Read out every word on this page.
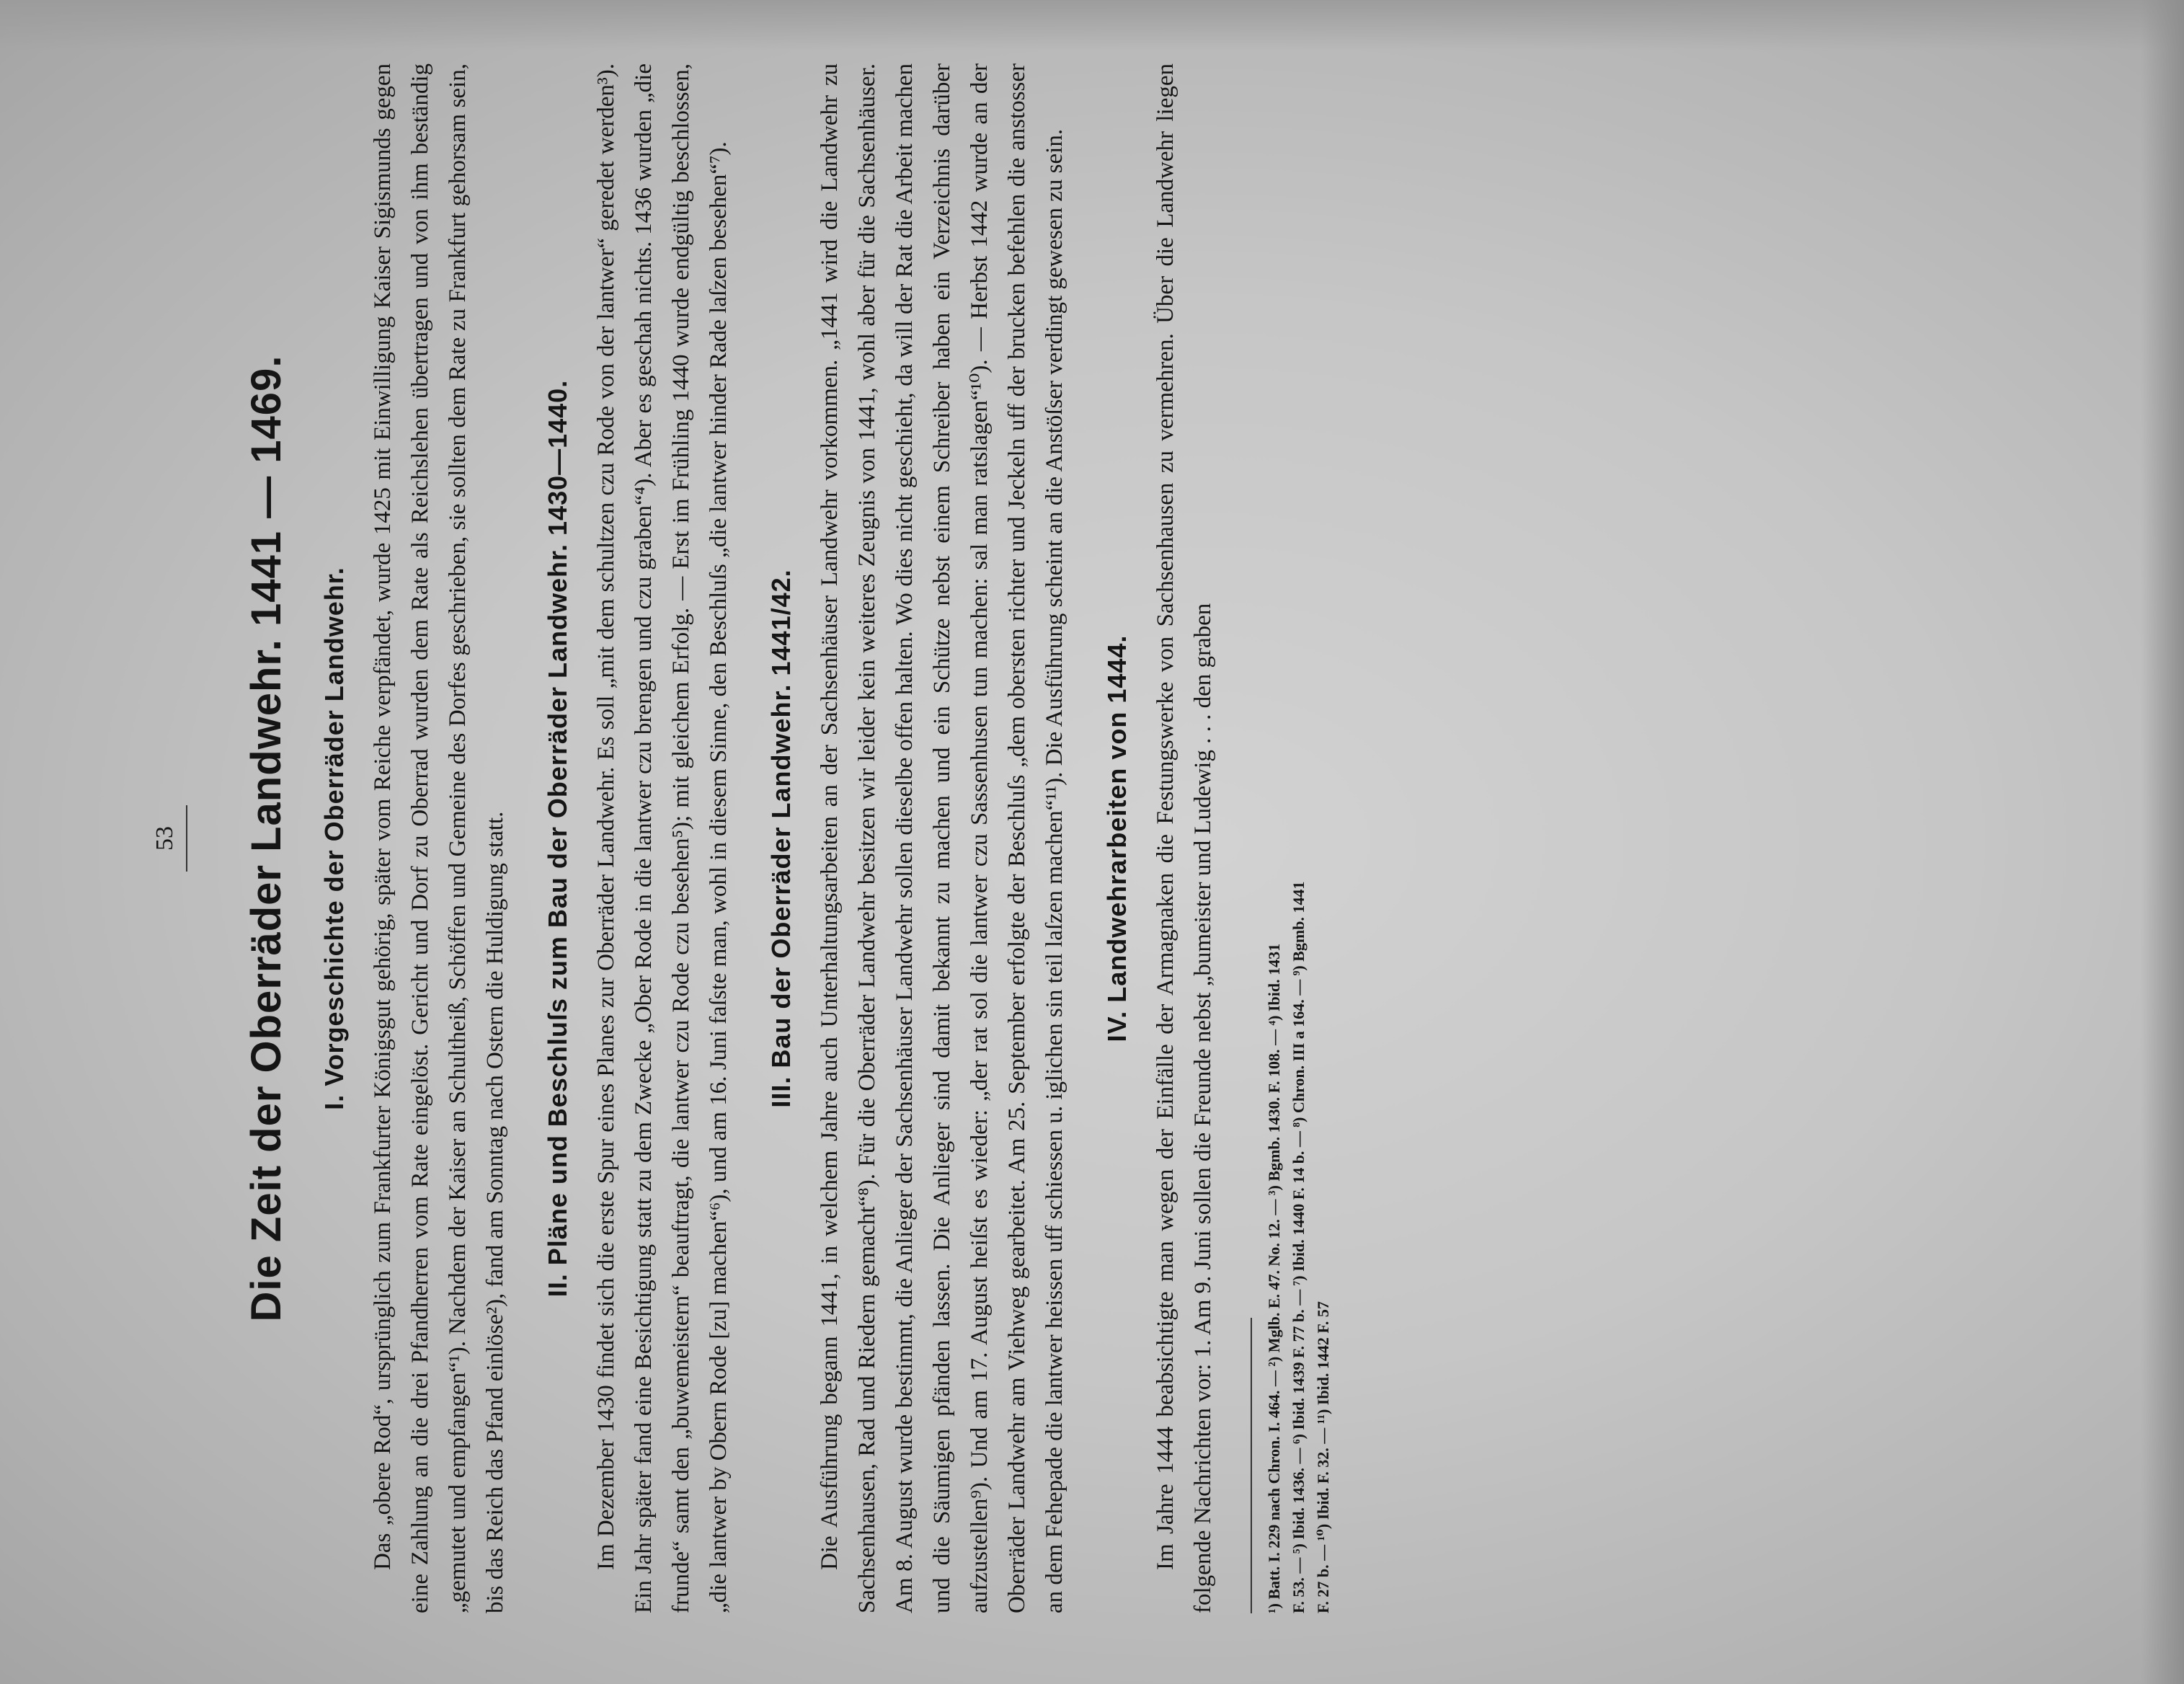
53 Die Zeit der Oberräder Landwehr. 1441 — 1469. I. Vorgeschichte der Oberräder Landwehr. Das „obere Rod“, ursprünglich zum Frankfurter Königsgut gehörig, später vom Reiche verpfändet, wurde 1425 mit Einwilligung Kaiser Sigismunds gegen eine Zahlung an die drei Pfandherren vom Rate eingelöst. Gericht und Dorf zu Oberrad wurden dem Rate als Reichslehen übertragen und von ihm beständig „gemutet und empfangen“¹). Nachdem der Kaiser an Schultheiß, Schöffen und Gemeine des Dorfes geschrieben, sie sollten dem Rate zu Frankfurt gehorsam sein, bis das Reich das Pfand einlöse²), fand am Sonntag nach Ostern die Huldigung statt. II. Pläne und Beschluſs zum Bau der Oberräder Landwehr. 1430—1440. Im Dezember 1430 findet sich die erste Spur eines Planes zur Oberräder Landwehr. Es soll „mit dem schultzen czu Rode von der lantwer“ geredet werden³). Ein Jahr später fand eine Besichtigung statt zu dem Zwecke „Ober Rode in die lantwer czu brengen und czu graben“⁴). Aber es geschah nichts. 1436 wurden „die frunde“ samt den „buwemeistern“ beauftragt, die lantwer czu Rode czu besehen⁵); mit gleichem Erfolg. — Erst im Frühling 1440 wurde endgültig beschlossen, „die lantwer by Obern Rode [zu] machen“⁶), und am 16. Juni faſste man, wohl in diesem Sinne, den Beschluſs „die lantwer hinder Rade laſzen besehen“⁷). III. Bau der Oberräder Landwehr. 1441/42. Die Ausführung begann 1441, in welchem Jahre auch Unterhaltungsarbeiten an der Sachsenhäuser Landwehr vorkommen. „1441 wird die Landwehr zu Sachsenhausen, Rad und Riedern gemacht“⁸). Für die Oberräder Landwehr besitzen wir leider kein weiteres Zeugnis von 1441, wohl aber für die Sachsenhäuser. Am 8. August wurde bestimmt, die Anlieger der Sachsenhäuser Landwehr sollen dieselbe offen halten. Wo dies nicht geschieht, da will der Rat die Arbeit machen und die Säumigen pfänden lassen. Die Anlieger sind damit bekannt zu machen und ein Schütze nebst einem Schreiber haben ein Verzeichnis darüber aufzustellen⁹). Und am 17. August heiſst es wieder: „der rat sol die lantwer czu Sassenhusen tun machen: sal man ratslagen“¹⁰). — Herbst 1442 wurde an der Oberräder Landwehr am Viehweg gearbeitet. Am 25. September erfolgte der Beschluſs „dem obersten richter und Jeckeln uff der brucken befehlen die anstosser an dem Fehepade die lantwer heissen uff schiessen u. iglichen sin teil laſzen machen“¹¹). Die Ausführung scheint an die Anstöſser verdingt gewesen zu sein. IV. Landwehrarbeiten von 1444. Im Jahre 1444 beabsichtigte man wegen der Einfälle der Armagnaken die Festungswerke von Sachsenhausen zu vermehren. Über die Landwehr liegen folgende Nachrichten vor: 1. Am 9. Juni sollen die Freunde nebst „bumeister und Ludewig . . . den graben	¹) Batt. I. 229 nach Chron. I. 464. — ²) Mglb. E. 47. No. 12. — ³) Bgmb. 1430. F. 108. — ⁴) Ibid. 1431 F. 53. — ⁵) Ibid. 1436. — ⁶) Ibid. 1439 F. 77 b. — ⁷) Ibid. 1440 F. 14 b. — ⁸) Chron. III a 164. — ⁹) Bgmb. 1441 F. 27 b. — ¹⁰) Ibid. F. 32. — ¹¹) Ibid. 1442 F. 57
